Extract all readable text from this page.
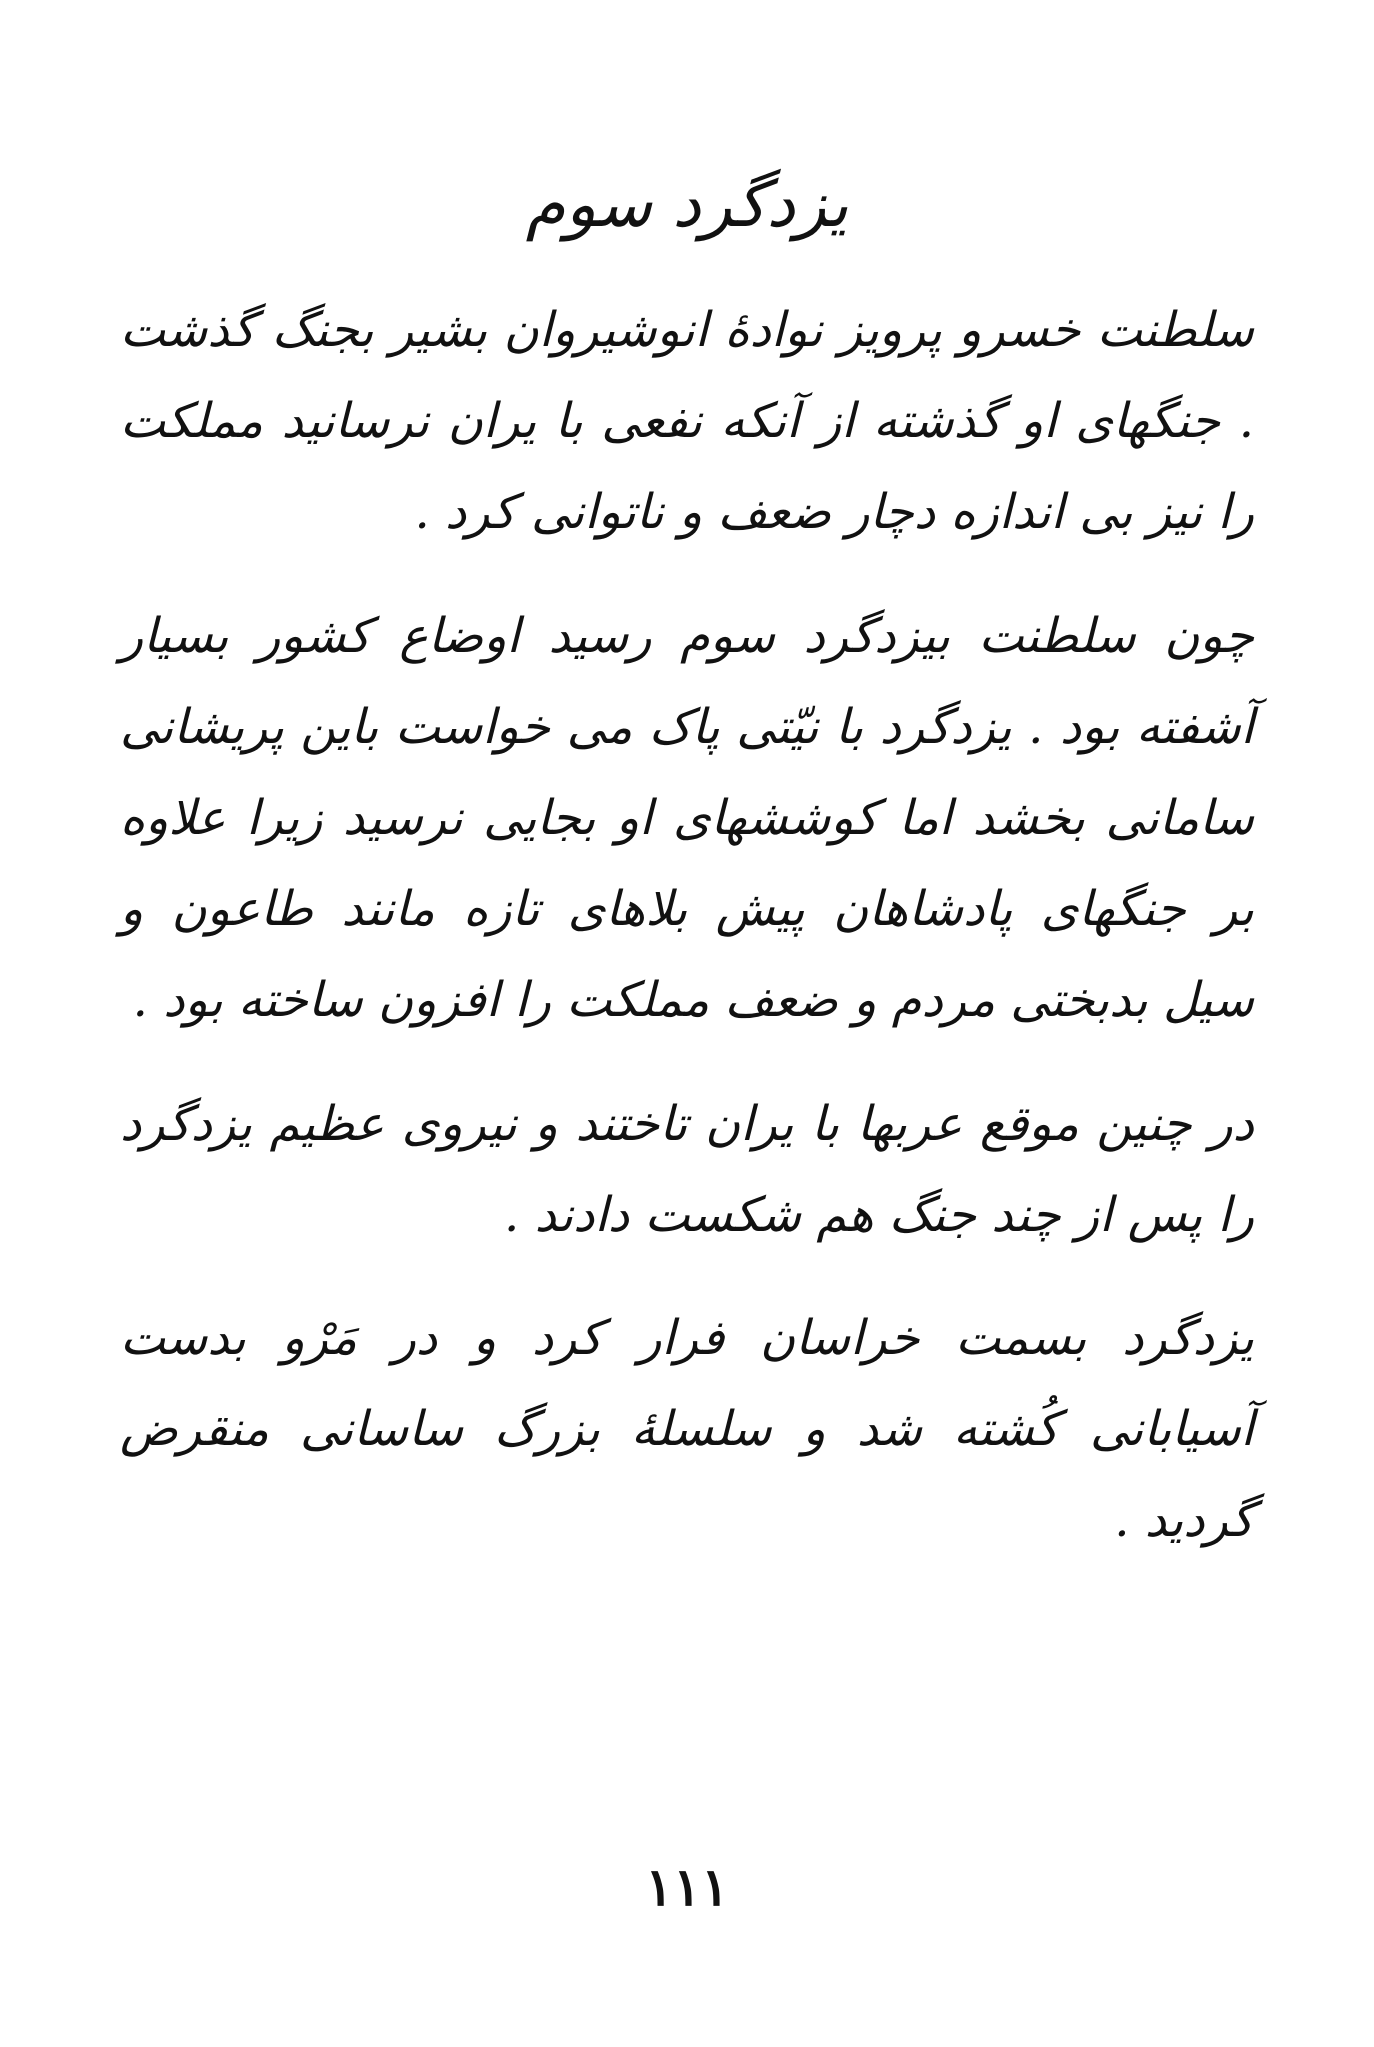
یزدگرد سوم

سلطنت خسرو پرویز نوادهٔ انوشیروان بشیر بجنگ گذشت . جنگهای او گذشته از آنکه نفعی با یران نرسانید مملکت را نیز بی اندازه دچار ضعف و ناتوانی کرد .

چون سلطنت بیزدگرد سوم رسید اوضاع کشور بسیار آشفته بود . یزدگرد با نیّتی پاک می خواست باین پریشانی سامانی بخشد اما کوششهای او بجایی نرسید زیرا علاوه بر جنگهای پادشاهان پیش بلاهای تازه مانند طاعون و سیل بدبختی مردم و ضعف مملکت را افزون ساخته بود .

در چنین موقع عربها با یران تاختند و نیروی عظیم یزدگرد را پس از چند جنگ هم شکست دادند .

یزدگرد بسمت خراسان فرار کرد و در مَرْو بدست آسیابانی کُشته شد و سلسلهٔ بزرگ ساسانی منقرض گردید .

۱۱۱
